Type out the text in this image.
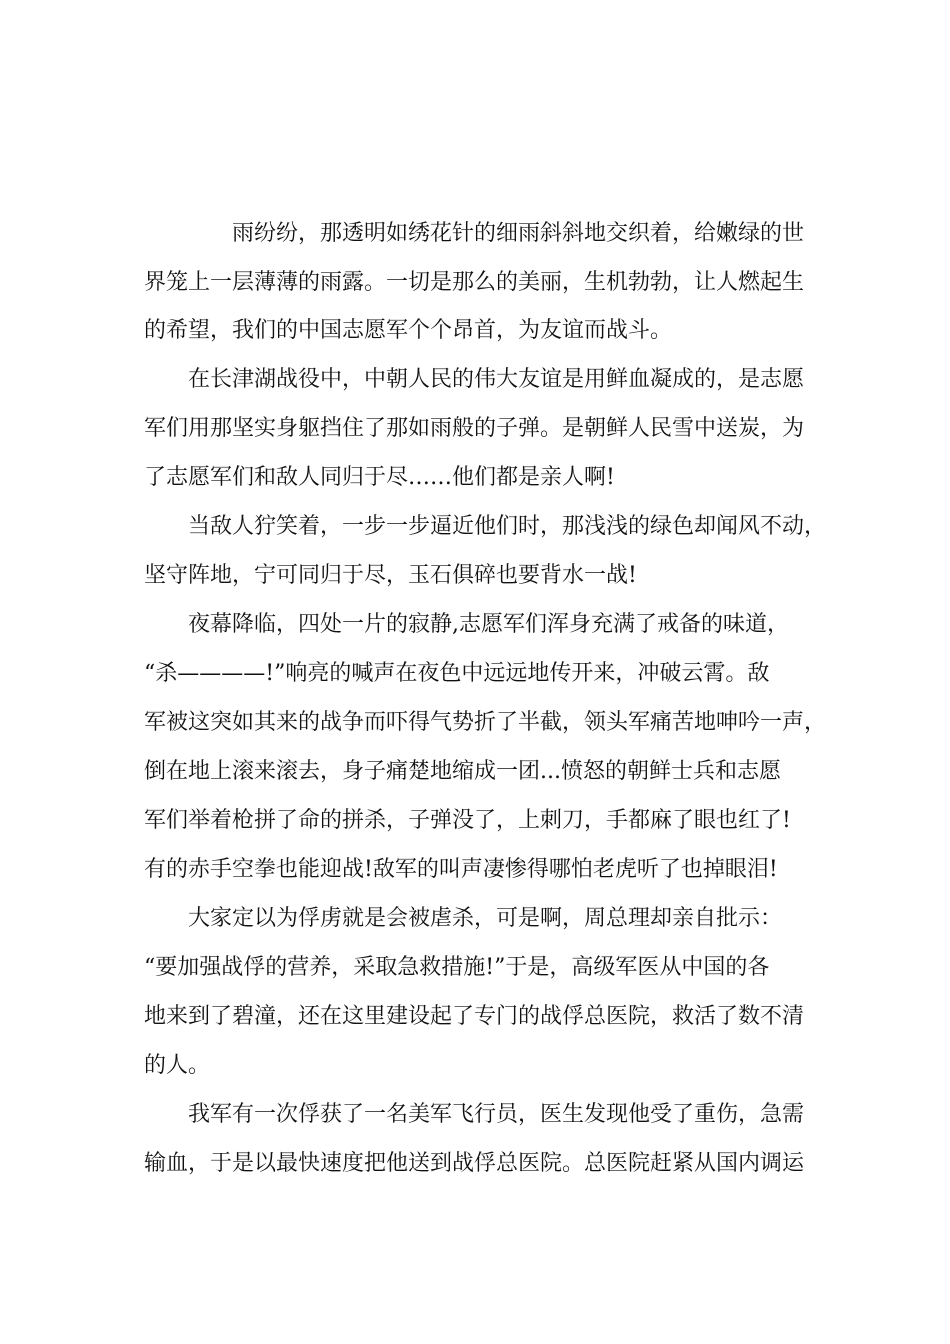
雨纷纷，那透明如绣花针的细雨斜斜地交织着，给嫩绿的世
界笼上一层薄薄的雨露。一切是那么的美丽，生机勃勃，让人燃起生
的希望，我们的中国志愿军个个昂首，为友谊而战斗。
在长津湖战役中，中朝人民的伟大友谊是用鲜血凝成的，是志愿
军们用那坚实身躯挡住了那如雨般的子弹。是朝鲜人民雪中送炭，为
了志愿军们和敌人同归于尽……他们都是亲人啊!
当敌人狞笑着，一步一步逼近他们时，那浅浅的绿色却闻风不动，
坚守阵地，宁可同归于尽，玉石俱碎也要背水一战!
夜幕降临，四处一片的寂静,志愿军们浑身充满了戒备的味道，
“杀————!”响亮的喊声在夜色中远远地传开来，冲破云霄。敌
军被这突如其来的战争而吓得气势折了半截，领头军痛苦地呻吟一声，
倒在地上滚来滚去，身子痛楚地缩成一团...愤怒的朝鲜士兵和志愿
军们举着枪拼了命的拼杀，子弹没了，上刺刀，手都麻了眼也红了!
有的赤手空拳也能迎战!敌军的叫声凄惨得哪怕老虎听了也掉眼泪!
大家定以为俘虏就是会被虐杀，可是啊，周总理却亲自批示：
“要加强战俘的营养，采取急救措施!”于是，高级军医从中国的各
地来到了碧潼，还在这里建设起了专门的战俘总医院，救活了数不清
的人。
我军有一次俘获了一名美军飞行员，医生发现他受了重伤，急需
输血，于是以最快速度把他送到战俘总医院。总医院赶紧从国内调运
